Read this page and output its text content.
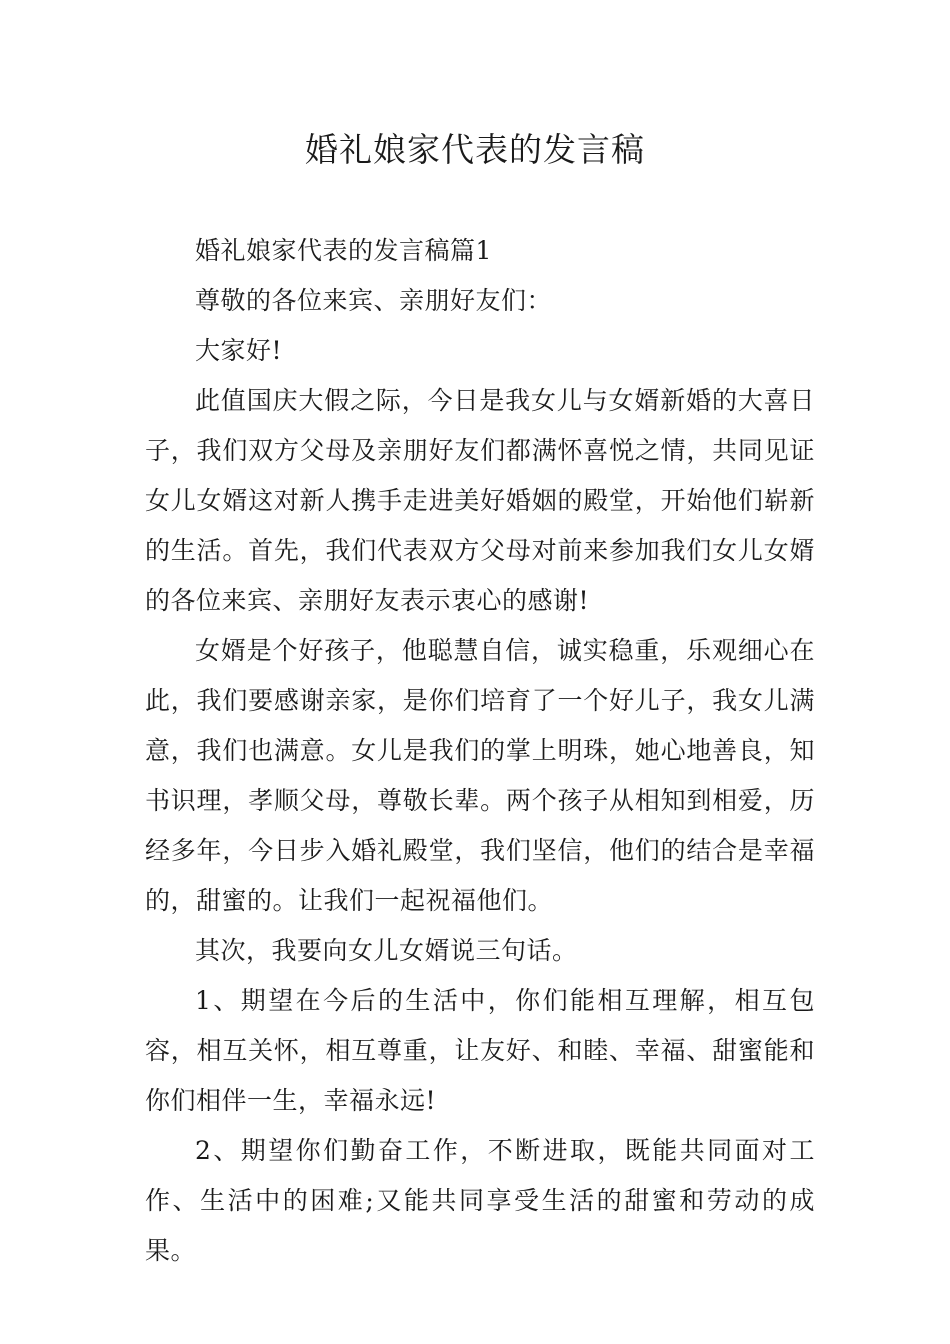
婚礼娘家代表的发言稿

婚礼娘家代表的发言稿篇1

尊敬的各位来宾、亲朋好友们：

大家好!

此值国庆大假之际，今日是我女儿与女婿新婚的大喜日子，我们双方父母及亲朋好友们都满怀喜悦之情，共同见证女儿女婿这对新人携手走进美好婚姻的殿堂，开始他们崭新的生活。首先，我们代表双方父母对前来参加我们女儿女婿的各位来宾、亲朋好友表示衷心的感谢!

女婿是个好孩子，他聪慧自信，诚实稳重，乐观细心在此，我们要感谢亲家，是你们培育了一个好儿子，我女儿满意，我们也满意。女儿是我们的掌上明珠，她心地善良，知书识理，孝顺父母，尊敬长辈。两个孩子从相知到相爱，历经多年，今日步入婚礼殿堂，我们坚信，他们的结合是幸福的，甜蜜的。让我们一起祝福他们。

其次，我要向女儿女婿说三句话。

1、期望在今后的生活中，你们能相互理解，相互包容，相互关怀，相互尊重，让友好、和睦、幸福、甜蜜能和你们相伴一生，幸福永远!

2、期望你们勤奋工作，不断进取，既能共同面对工作、生活中的困难;又能共同享受生活的甜蜜和劳动的成果。
